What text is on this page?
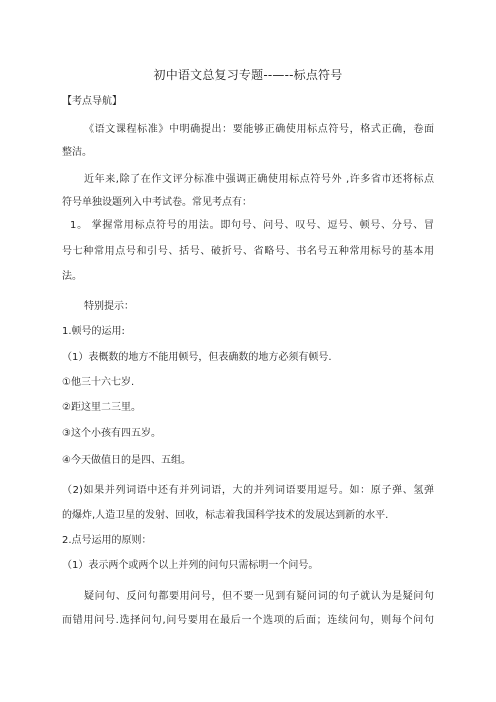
初中语文总复习专题--—--标点符号
【考点导航】
《语文课程标准》中明确提出：要能够正确使用标点符号，格式正确，卷面
整洁。
近年来,除了在作文评分标准中强调正确使用标点符号外 ,许多省市还将标点
符号单独设题列入中考试卷。常见考点有：
1。 掌握常用标点符号的用法。即句号、问号、叹号、逗号、顿号、分号、冒
号七种常用点号和引号、括号、破折号、省略号、书名号五种常用标号的基本用
法。
特别提示：
1.顿号的运用:
（1）表概数的地方不能用顿号，但表确数的地方必须有顿号.
①他三十六七岁.
②距这里二三里。
③这个小孩有四五岁。
④今天做值日的是四、五组。
（2)如果并列词语中还有并列词语，大的并列词语要用逗号。如：原子弹、氢弹
的爆炸,人造卫星的发射、回收，标志着我国科学技术的发展达到新的水平.
2.点号运用的原则：
（1）表示两个或两个以上并列的问句只需标明一个问号。
疑问句、反问句都要用问号，但不要一见到有疑问词的句子就认为是疑问句
而错用问号.选择问句,问号要用在最后一个选项的后面；连续问句，则每个问句
